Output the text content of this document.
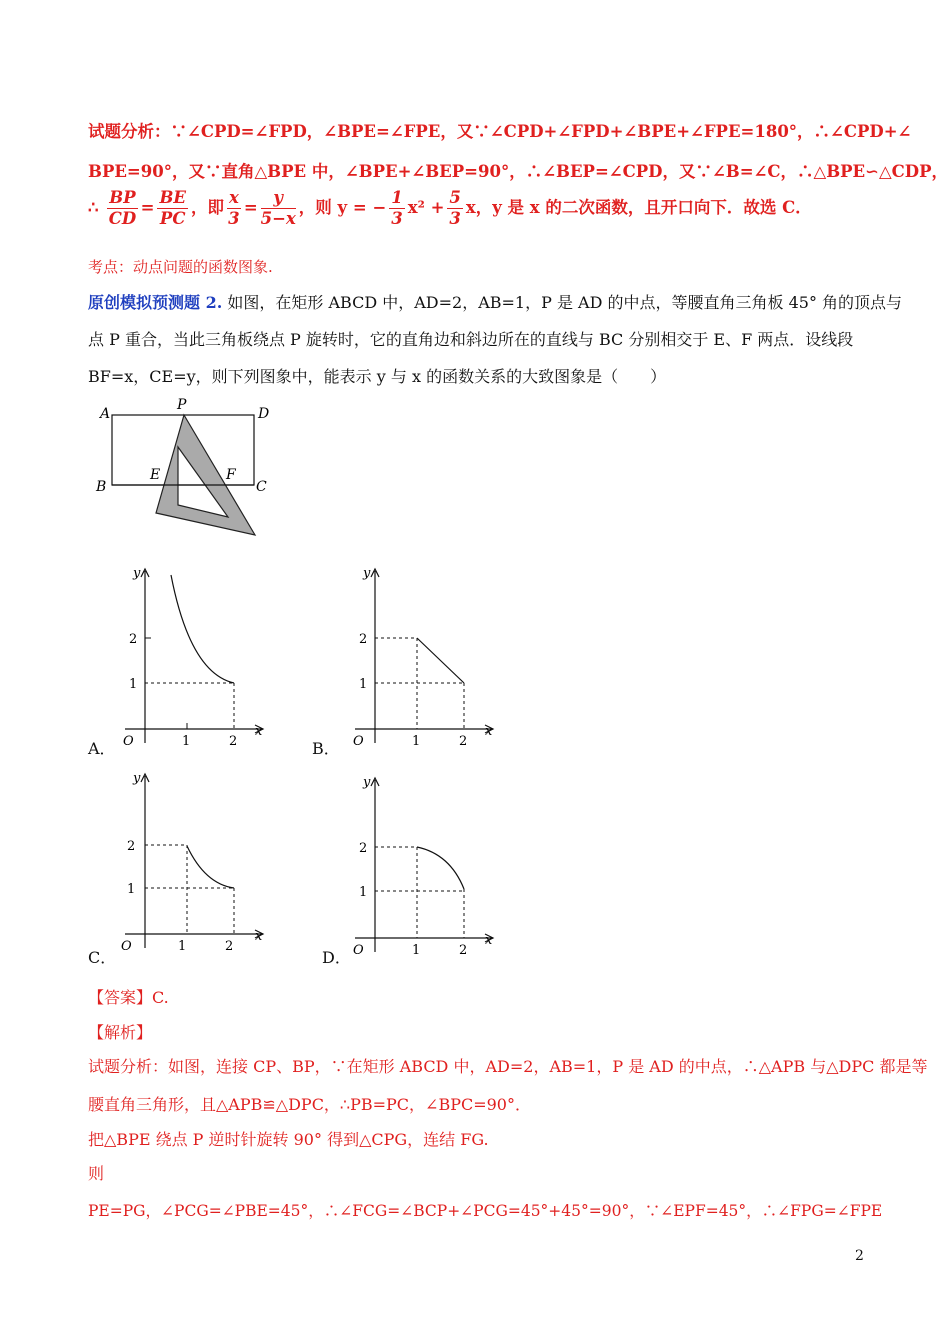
试题分析：∵∠CPD=∠FPD，∠BPE=∠FPE，又∵∠CPD+∠FPD+∠BPE+∠FPE=180°，∴∠CPD+∠
BPE=90°，又∵直角△BPE 中，∠BPE+∠BEP=90°，∴∠BEP=∠CPD，又∵∠B=∠C，∴△BPE∽△CDP，
∴ $\frac{BP}{CD} = \frac{BE}{PC}$ ，即 $\frac{x}{3} = \frac{y}{5-x}$ ，则 y = − $\frac{1}{3} x^2 + \frac{5}{3}$ x，y 是 x 的二次函数，且开口向下．故选 C．
考点：动点问题的函数图象.
原创模拟预测题 2. 如图，在矩形 ABCD 中，AD=2，AB=1，P 是 AD 的中点，等腰直角三角板 45° 角的顶点与
点 P 重合，当此三角板绕点 P 旋转时，它的直角边和斜边所在的直线与 BC 分别相交于 E、F 两点．设线段
BF=x，CE=y，则下列图象中，能表示 y 与 x 的函数关系的大致图象是（　　）
A
P
D
B
E	F
C
y
x
O
2
1
1	2
A．
y
x
O
2
1
1	2
B．
y
x
O
2
1
1	2
C．
y
x
O
2
1
1	2
D．
【答案】C.
【解析】
试题分析：如图，连接 CP、BP，∵在矩形 ABCD 中，AD=2，AB=1，P 是 AD 的中点，∴△APB 与△DPC 都是等
腰直角三角形，且△APB≌△DPC，∴PB=PC，∠BPC=90°．
把△BPE 绕点 P 逆时针旋转 90° 得到△CPG，连结 FG.
则
PE=PG，∠PCG=∠PBE=45°，∴∠FCG=∠BCP+∠PCG=45°+45°=90°，∵∠EPF=45°，∴∠FPG=∠FPE
2
